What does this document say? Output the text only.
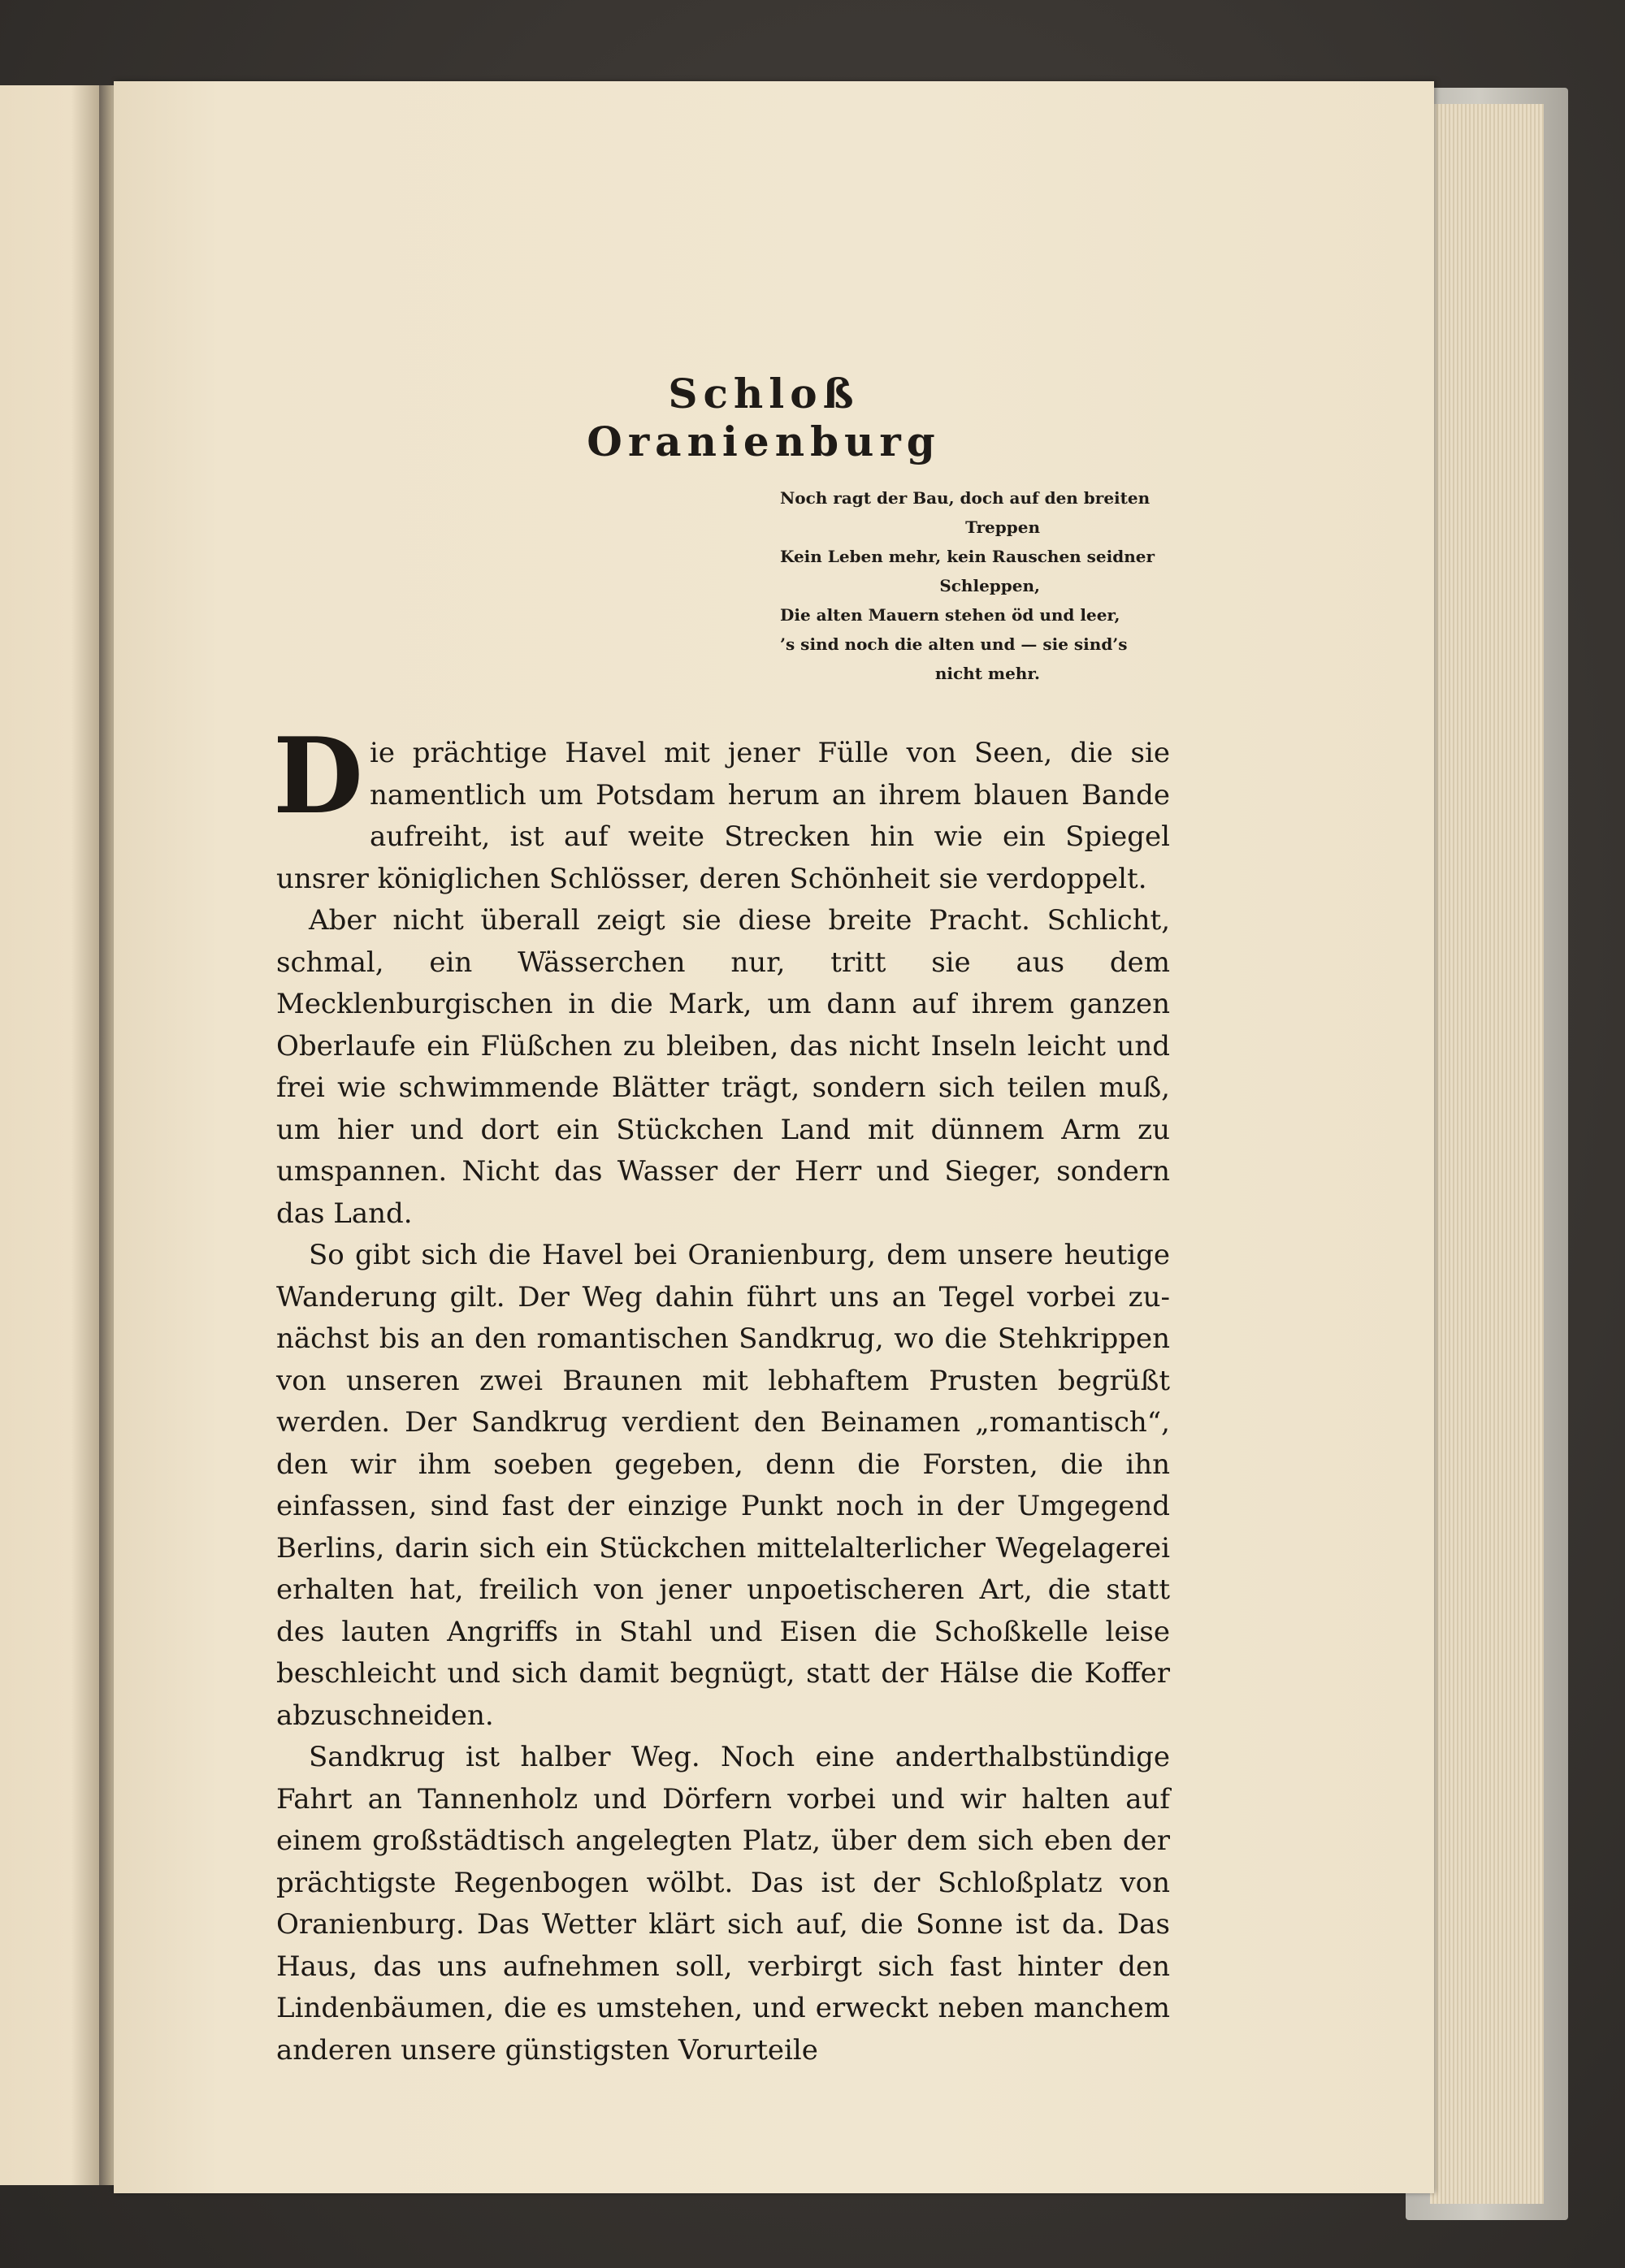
Schloß Oranienburg
Noch ragt der Bau, doch auf den breiten
Treppen
Kein Leben mehr, kein Rauschen seidner
Schleppen,
Die alten Mauern stehen öd und leer,
’s sind noch die alten und — sie sind’s
nicht mehr.

Die prächtige Havel mit jener Fülle von Seen, die sie namentlich um Potsdam herum an ihrem blauen Bande aufreiht, ist auf weite Strecken hin wie ein Spiegel unsrer königlichen Schlösser, deren Schönheit sie verdoppelt.

Aber nicht überall zeigt sie diese breite Pracht. Schlicht, schmal, ein Wässerchen nur, tritt sie aus dem Mecklenburgischen in die Mark, um dann auf ihrem ganzen Oberlaufe ein Flüßchen zu bleiben, das nicht Inseln leicht und frei wie schwimmende Blätter trägt, sondern sich teilen muß, um hier und dort ein Stückchen Land mit dünnem Arm zu umspannen. Nicht das Wasser der Herr und Sieger, sondern das Land.

So gibt sich die Havel bei Oranienburg, dem unsere heutige Wanderung gilt. Der Weg dahin führt uns an Tegel vorbei zunächst bis an den romantischen Sandkrug, wo die Stehkrippen von unseren zwei Braunen mit lebhaftem Prusten begrüßt werden. Der Sandkrug verdient den Beinamen „romantisch“, den wir ihm soeben gegeben, denn die Forsten, die ihn einfassen, sind fast der einzige Punkt noch in der Umgegend Berlins, darin sich ein Stückchen mittelalterlicher Wegelagerei erhalten hat, freilich von jener unpoetischeren Art, die statt des lauten Angriffs in Stahl und Eisen die Schoßkelle leise beschleicht und sich damit begnügt, statt der Hälse die Koffer abzuschneiden.

Sandkrug ist halber Weg. Noch eine anderthalbstündige Fahrt an Tannenholz und Dörfern vorbei und wir halten auf einem großstädtisch angelegten Platz, über dem sich eben der prächtigste Regenbogen wölbt. Das ist der Schloßplatz von Oranienburg. Das Wetter klärt sich auf, die Sonne ist da. Das Haus, das uns aufnehmen soll, verbirgt sich fast hinter den Lindenbäumen, die es umstehen, und erweckt neben manchem anderen unsere günstigsten Vorurteile
